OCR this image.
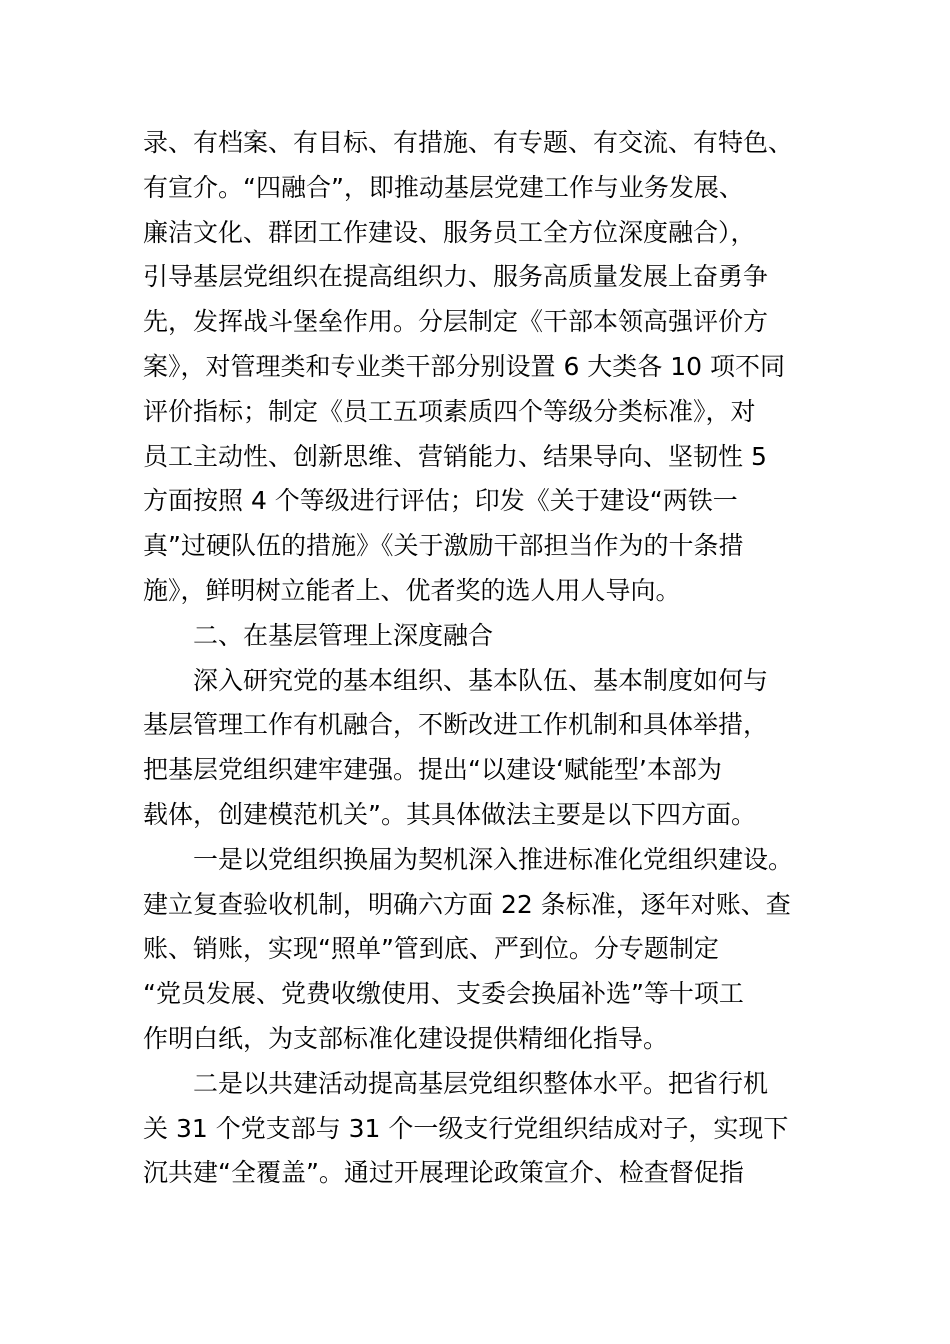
录、有档案、有目标、有措施、有专题、有交流、有特色、
有宣介。“四融合”，即推动基层党建工作与业务发展、
廉洁文化、群团工作建设、服务员工全方位深度融合），
引导基层党组织在提高组织力、服务高质量发展上奋勇争
先，发挥战斗堡垒作用。分层制定《干部本领高强评价方
案》，对管理类和专业类干部分别设置 6 大类各 10 项不同
评价指标；制定《员工五项素质四个等级分类标准》，对
员工主动性、创新思维、营销能力、结果导向、坚韧性 5
方面按照 4 个等级进行评估；印发《关于建设“两铁一
真”过硬队伍的措施》《关于激励干部担当作为的十条措
施》，鲜明树立能者上、优者奖的选人用人导向。
二、在基层管理上深度融合
深入研究党的基本组织、基本队伍、基本制度如何与
基层管理工作有机融合，不断改进工作机制和具体举措，
把基层党组织建牢建强。提出“以建设‘赋能型’本部为
载体，创建模范机关”。其具体做法主要是以下四方面。
一是以党组织换届为契机深入推进标准化党组织建设。
建立复查验收机制，明确六方面 22 条标准，逐年对账、查
账、销账，实现“照单”管到底、严到位。分专题制定
“党员发展、党费收缴使用、支委会换届补选”等十项工
作明白纸，为支部标准化建设提供精细化指导。
二是以共建活动提高基层党组织整体水平。把省行机
关 31 个党支部与 31 个一级支行党组织结成对子，实现下
沉共建“全覆盖”。通过开展理论政策宣介、检查督促指
